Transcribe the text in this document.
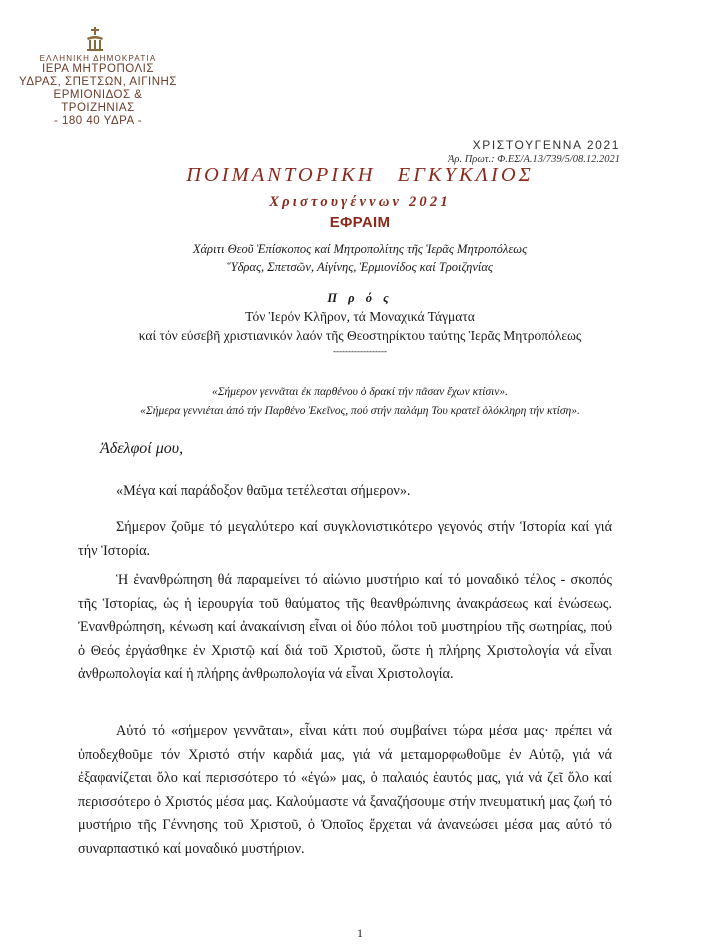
ΕΛΛΗΝΙΚΗ ΔΗΜΟΚΡΑΤΙΑ
ΙΕΡΑ ΜΗΤΡΟΠΟΛΙΣ
ΥΔΡΑΣ, ΣΠΕΤΣΩΝ, ΑΙΓΙΝΗΣ
ΕΡΜΙΟΝΙΔΟΣ & ΤΡΟΙΖΗΝΙΑΣ
- 180 40 ΥΔΡΑ -
ΧΡΙΣΤΟΥΓΕΝΝΑ 2021
Ἀρ. Πρωτ.: Φ.ΕΣ/Α.13/739/5/08.12.2021
ΠΟΙΜΑΝΤΟΡΙΚΗ ΕΓΚΥΚΛΙΟΣ
Χριστουγέννων 2021
ΕΦΡΑΙΜ
Χάριτι Θεοῦ Ἐπίσκοπος καί Μητροπολίτης τῆς Ἱερᾶς Μητροπόλεως
Ὕδρας, Σπετσῶν, Αἰγίνης, Ἑρμιονίδος καί Τροιζηνίας
Π ρ ό ς
Τόν Ἱερόν Κλῆρον, τά Μοναχικά Τάγματα
καί τόν εὐσεβῆ χριστιανικόν λαόν τῆς Θεοστηρίκτου ταύτης Ἱερᾶς Μητροπόλεως
------------------
«Σήμερον γεννᾶται ἐκ παρθένου ὁ δρακί τήν πᾶσαν ἔχων κτίσιν».
«Σήμερα γεννιέται ἀπό τήν Παρθένο Ἐκεῖνος, πού στήν παλάμη Του κρατεῖ ὁλόκληρη τήν κτίση».
Ἀδελφοί μου,
«Μέγα καί παράδοξον θαῦμα τετέλεσται σήμερον».
Σήμερον ζοῦμε τό μεγαλύτερο καί συγκλονιστικότερο γεγονός στήν Ἱστορία καί γιά τήν Ἱστορία.
Ἡ ἐνανθρώπηση θά παραμείνει τό αἰώνιο μυστήριο καί τό μοναδικό τέλος - σκοπός τῆς Ἱστορίας, ὡς ἡ ἱερουργία τοῦ θαύματος τῆς θεανθρώπινης ἀνακράσεως καί ἑνώσεως. Ἐνανθρώπηση, κένωση καί ἀνακαίνιση εἶναι οἱ δύο πόλοι τοῦ μυστηρίου τῆς σωτηρίας, πού ὁ Θεός ἐργάσθηκε ἐν Χριστῷ καί διά τοῦ Χριστοῦ, ὥστε ἡ πλήρης Χριστολογία νά εἶναι ἀνθρωπολογία καί ἡ πλήρης ἀνθρωπολογία νά εἶναι Χριστολογία.
Αὐτό τό «σήμερον γεννᾶται», εἶναι κάτι πού συμβαίνει τώρα μέσα μας· πρέπει νά ὑποδεχθοῦμε τόν Χριστό στήν καρδιά μας, γιά νά μεταμορφωθοῦμε ἐν Αὐτῷ, γιά νά ἐξαφανίζεται ὅλο καί περισσότερο τό «ἐγώ» μας, ὁ παλαιός ἑαυτός μας, γιά νά ζεῖ ὅλο καί περισσότερο ὁ Χριστός μέσα μας. Καλούμαστε νά ξαναζήσουμε στήν πνευματική μας ζωή τό μυστήριο τῆς Γέννησης τοῦ Χριστοῦ, ὁ Ὁποῖος ἔρχεται νά ἀνανεώσει μέσα μας αὐτό τό συναρπαστικό καί μοναδικό μυστήριον.
1
